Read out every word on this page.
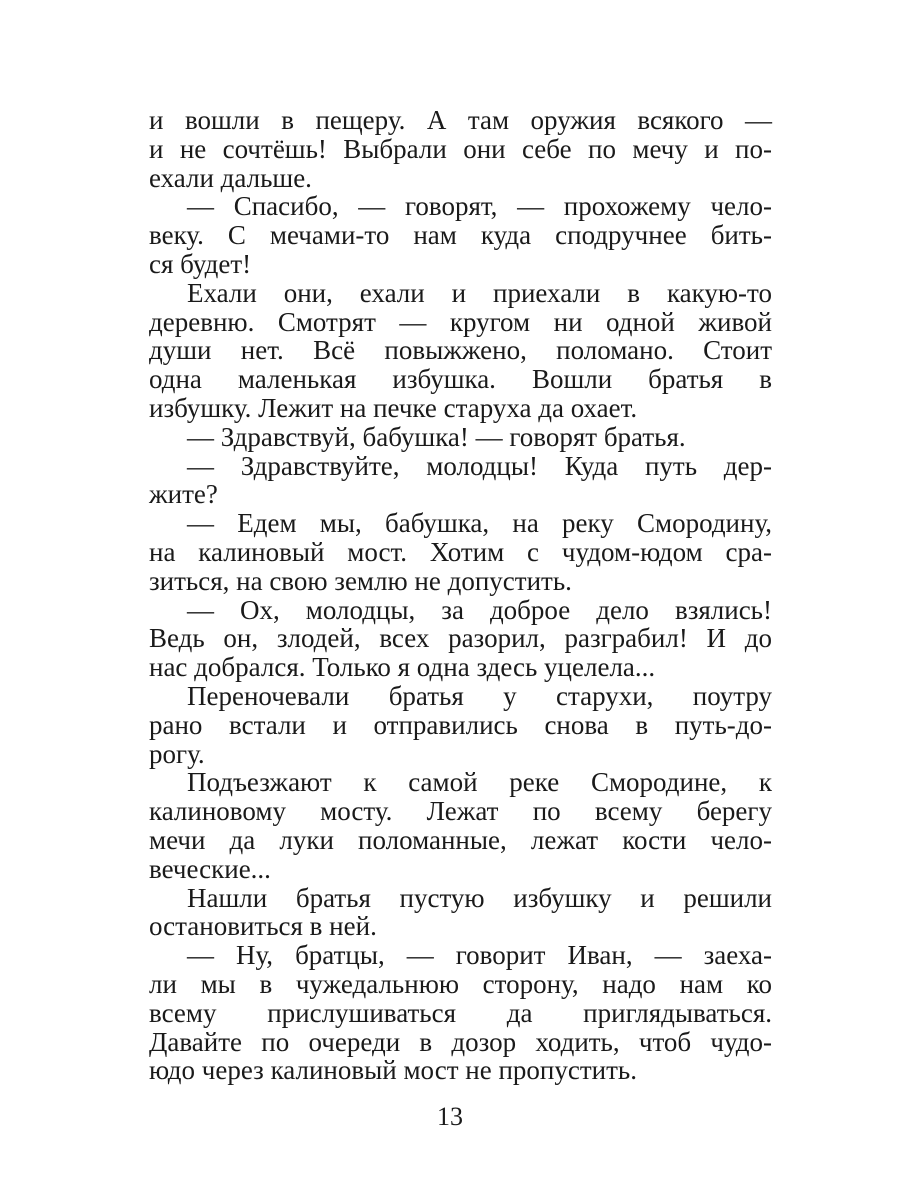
и вошли в пещеру. А там оружия всякого —
и не сочтёшь! Выбрали они себе по мечу и по-
ехали дальше.
— Спасибо, — говорят, — прохожему чело-
веку. С мечами-то нам куда сподручнее бить-
ся будет!
Ехали они, ехали и приехали в какую-то
деревню. Смотрят — кругом ни одной живой
души нет. Всё повыжжено, поломано. Стоит
одна маленькая избушка. Вошли братья в
избушку. Лежит на печке старуха да охает.
— Здравствуй, бабушка! — говорят братья.
— Здравствуйте, молодцы! Куда путь дер-
жите?
— Едем мы, бабушка, на реку Смородину,
на калиновый мост. Хотим с чудом-юдом сра-
зиться, на свою землю не допустить.
— Ох, молодцы, за доброе дело взялись!
Ведь он, злодей, всех разорил, разграбил! И до
нас добрался. Только я одна здесь уцелела...
Переночевали братья у старухи, поутру
рано встали и отправились снова в путь-до-
рогу.
Подъезжают к самой реке Смородине, к
калиновому мосту. Лежат по всему берегу
мечи да луки поломанные, лежат кости чело-
веческие...
Нашли братья пустую избушку и решили
остановиться в ней.
— Ну, братцы, — говорит Иван, — заеха-
ли мы в чужедальнюю сторону, надо нам ко
всему прислушиваться да приглядываться.
Давайте по очереди в дозор ходить, чтоб чудо-
юдо через калиновый мост не пропустить.
13
